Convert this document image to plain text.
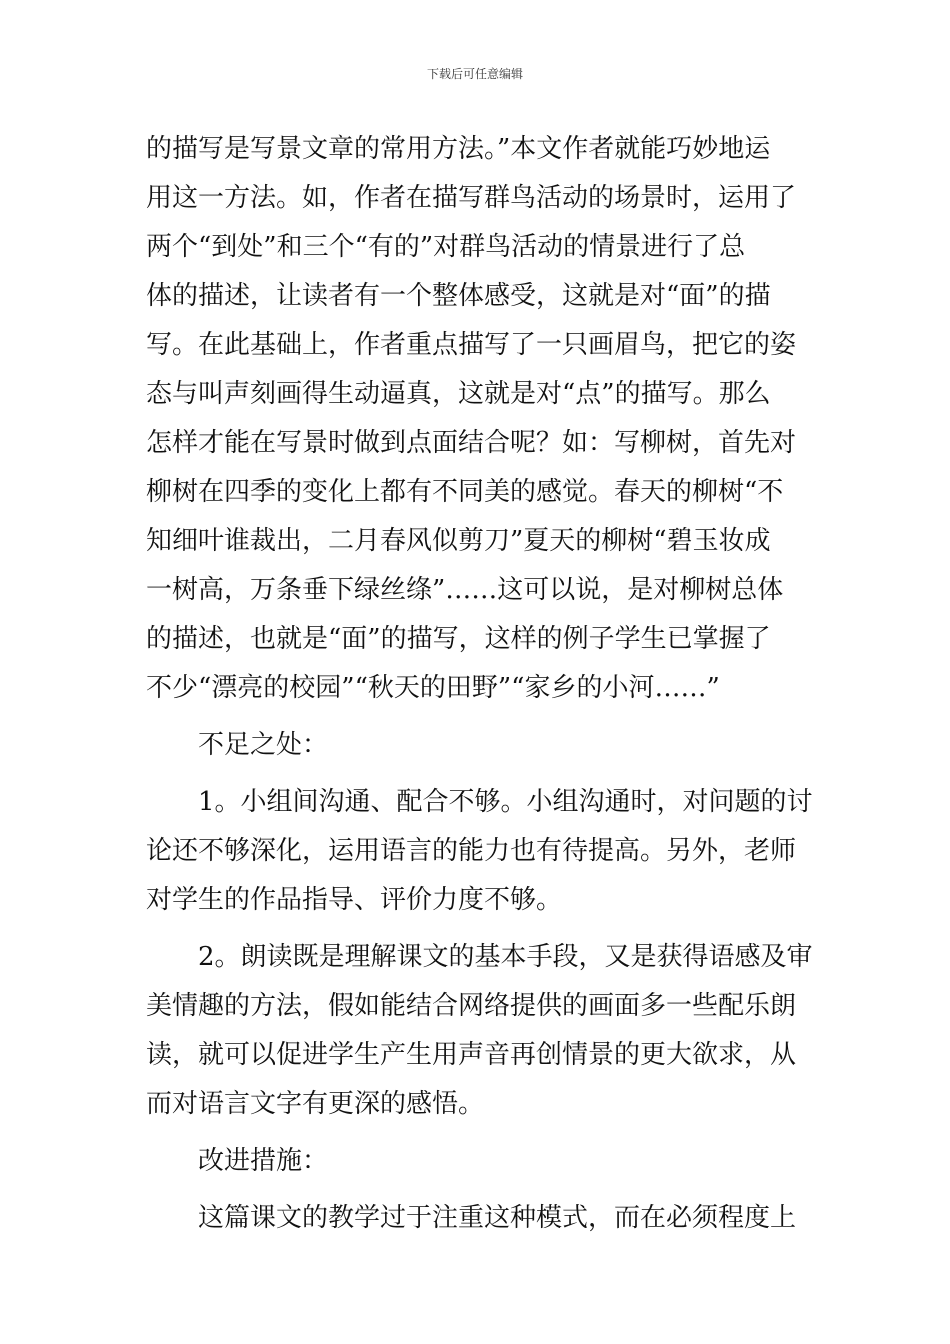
下载后可任意编辑
的描写是写景文章的常用方法。”本文作者就能巧妙地运
用这一方法。如，作者在描写群鸟活动的场景时，运用了
两个“到处”和三个“有的”对群鸟活动的情景进行了总
体的描述，让读者有一个整体感受，这就是对“面”的描
写。在此基础上，作者重点描写了一只画眉鸟，把它的姿
态与叫声刻画得生动逼真，这就是对“点”的描写。那么
怎样才能在写景时做到点面结合呢？如：写柳树，首先对
柳树在四季的变化上都有不同美的感觉。春天的柳树“不
知细叶谁裁出，二月春风似剪刀”夏天的柳树“碧玉妆成
一树高，万条垂下绿丝绦”……这可以说，是对柳树总体
的描述，也就是“面”的描写，这样的例子学生已掌握了
不少“漂亮的校园”“秋天的田野”“家乡的小河……”
不足之处：
1。小组间沟通、配合不够。小组沟通时，对问题的讨
论还不够深化，运用语言的能力也有待提高。另外，老师
对学生的作品指导、评价力度不够。
2。朗读既是理解课文的基本手段，又是获得语感及审
美情趣的方法，假如能结合网络提供的画面多一些配乐朗
读，就可以促进学生产生用声音再创情景的更大欲求，从
而对语言文字有更深的感悟。
改进措施：
这篇课文的教学过于注重这种模式，而在必须程度上
